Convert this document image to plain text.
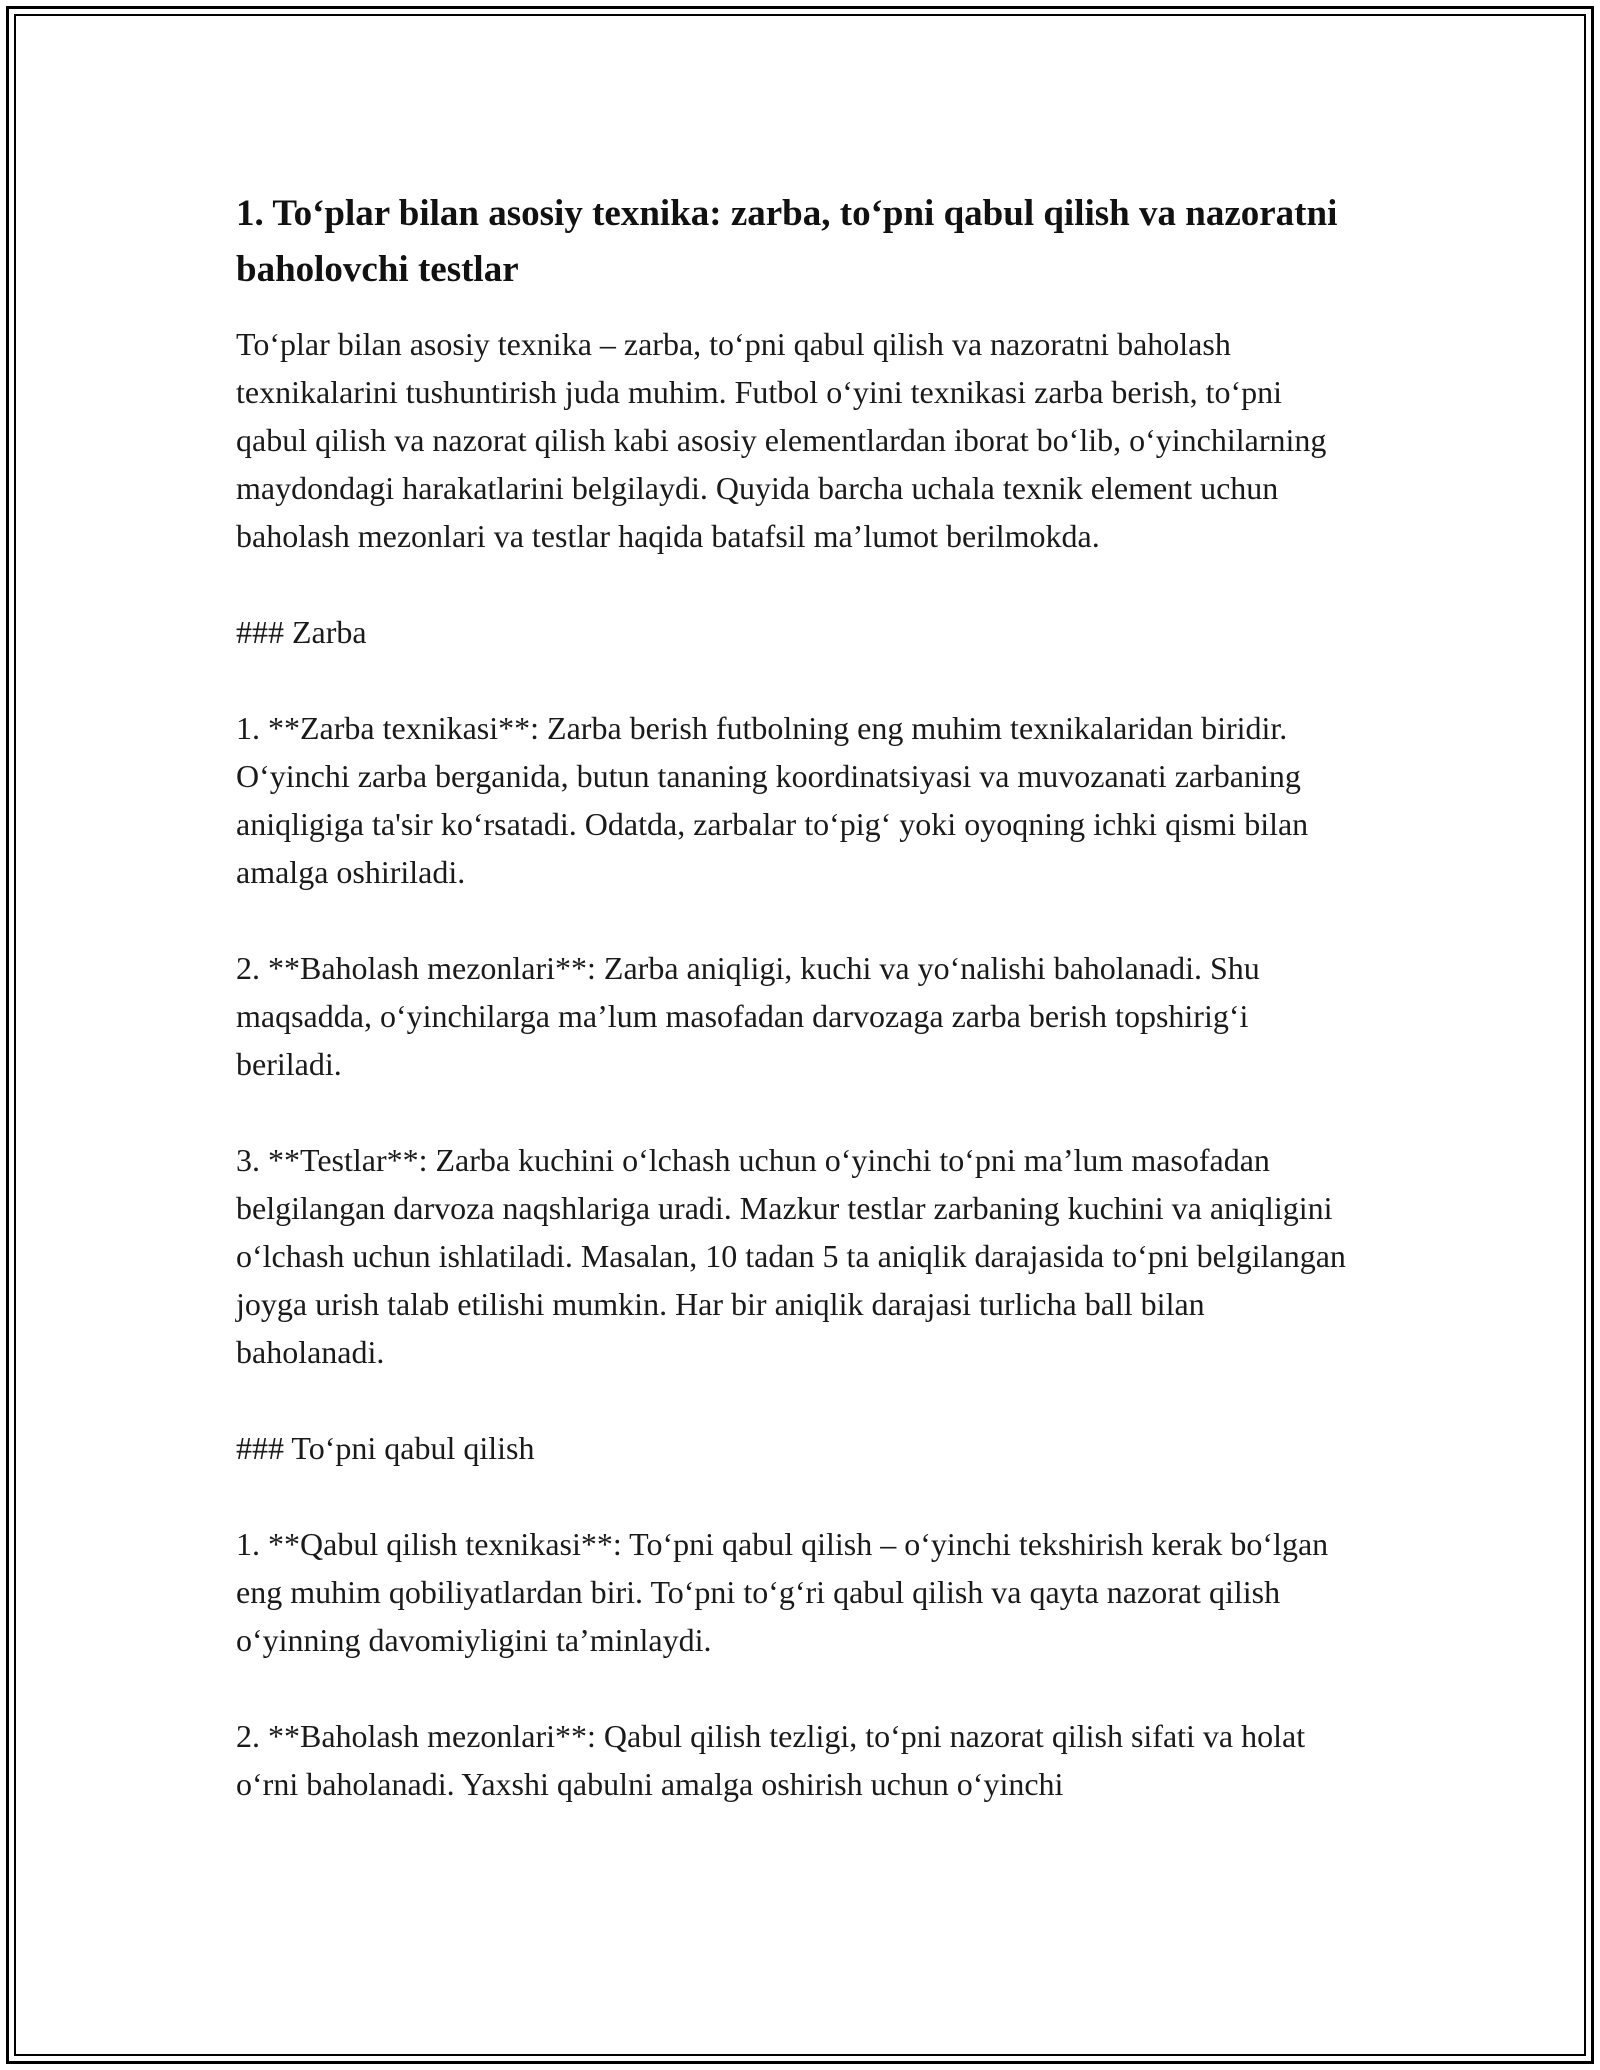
1. To‘plar bilan asosiy texnika: zarba, to‘pni qabul qilish va nazoratni baholovchi testlar

To‘plar bilan asosiy texnika – zarba, to‘pni qabul qilish va nazoratni baholash texnikalarini tushuntirish juda muhim. Futbol o‘yini texnikasi zarba berish, to‘pni qabul qilish va nazorat qilish kabi asosiy elementlardan iborat bo‘lib, o‘yinchilarning maydondagi harakatlarini belgilaydi. Quyida barcha uchala texnik element uchun baholash mezonlari va testlar haqida batafsil ma’lumot berilmokda.

### Zarba

1. **Zarba texnikasi**: Zarba berish futbolning eng muhim texnikalaridan biridir. O‘yinchi zarba berganida, butun tananing koordinatsiyasi va muvozanati zarbaning aniqligiga ta'sir ko‘rsatadi. Odatda, zarbalar to‘pig‘ yoki oyoqning ichki qismi bilan amalga oshiriladi.

2. **Baholash mezonlari**: Zarba aniqligi, kuchi va yo‘nalishi baholanadi. Shu maqsadda, o‘yinchilarga ma’lum masofadan darvozaga zarba berish topshirig‘i beriladi.

3. **Testlar**: Zarba kuchini o‘lchash uchun o‘yinchi to‘pni ma’lum masofadan belgilangan darvoza naqshlariga uradi. Mazkur testlar zarbaning kuchini va aniqligini o‘lchash uchun ishlatiladi. Masalan, 10 tadan 5 ta aniqlik darajasida to‘pni belgilangan joyga urish talab etilishi mumkin. Har bir aniqlik darajasi turlicha ball bilan baholanadi.

### To‘pni qabul qilish

1. **Qabul qilish texnikasi**: To‘pni qabul qilish – o‘yinchi tekshirish kerak bo‘lgan eng muhim qobiliyatlardan biri. To‘pni to‘g‘ri qabul qilish va qayta nazorat qilish o‘yinning davomiyligini ta’minlaydi.

2. **Baholash mezonlari**: Qabul qilish tezligi, to‘pni nazorat qilish sifati va holat o‘rni baholanadi. Yaxshi qabulni amalga oshirish uchun o‘yinchi
